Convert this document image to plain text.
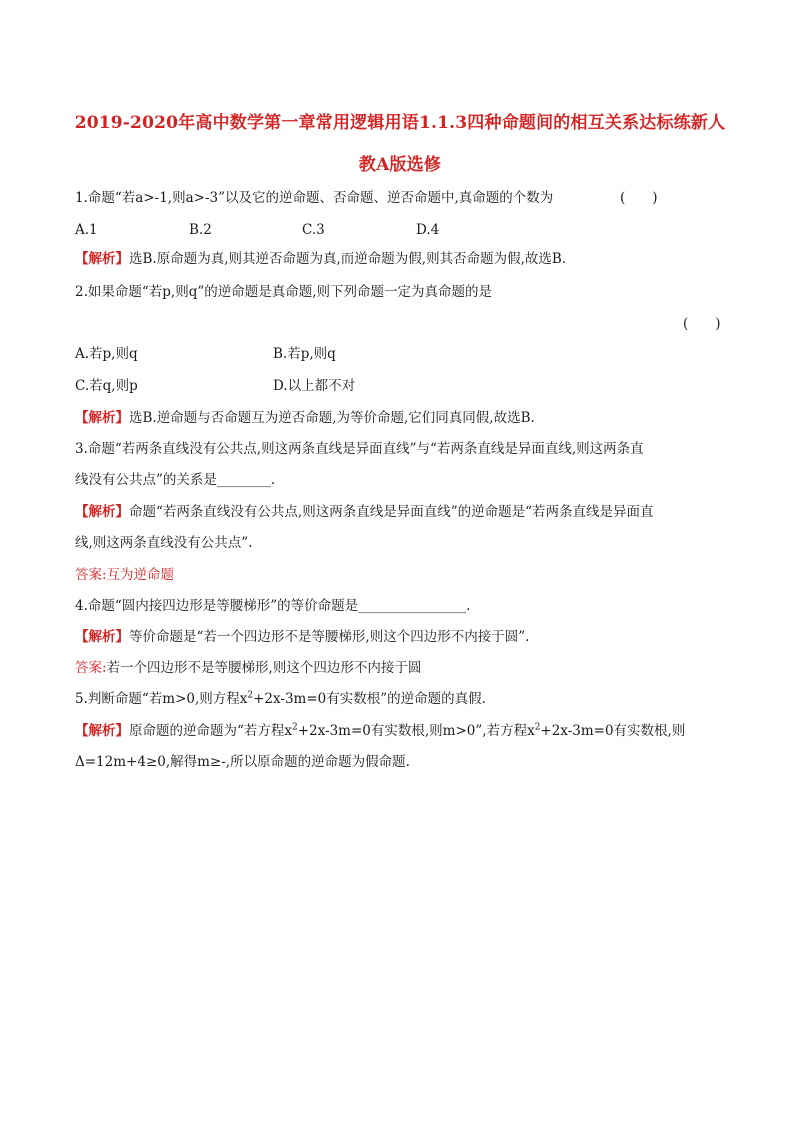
2019-2020年高中数学第一章常用逻辑用语1.1.3四种命题间的相互关系达标练新人
教A版选修
1.命题“若a>-1,则a>-3”以及它的逆命题、否命题、逆否命题中,真命题的个数为	(　　)
A.1	B.2	C.3	D.4
【解析】选B.原命题为真,则其逆否命题为真,而逆命题为假,则其否命题为假,故选B.
2.如果命题“若p,则q”的逆命题是真命题,则下列命题一定为真命题的是
(　　)
A.若p,则q	B.若p,则q
C.若q,则p	D.以上都不对
【解析】选B.逆命题与否命题互为逆否命题,为等价命题,它们同真同假,故选B.
3.命题“若两条直线没有公共点,则这两条直线是异面直线”与“若两条直线是异面直线,则这两条直
线没有公共点”的关系是________.
【解析】命题“若两条直线没有公共点,则这两条直线是异面直线”的逆命题是“若两条直线是异面直
线,则这两条直线没有公共点”.
答案:互为逆命题
4.命题“圆内接四边形是等腰梯形”的等价命题是________________.
【解析】等价命题是“若一个四边形不是等腰梯形,则这个四边形不内接于圆”.
答案:若一个四边形不是等腰梯形,则这个四边形不内接于圆
5.判断命题“若m>0,则方程$x^2+2x-3m=0$有实数根”的逆命题的真假.
【解析】原命题的逆命题为“若方程$x^2+2x-3m=0$有实数根,则m>0”,若方程$x^2+2x-3m=0$有实数根,则
Δ=12m+4≥0,解得m≥-,所以原命题的逆命题为假命题.
